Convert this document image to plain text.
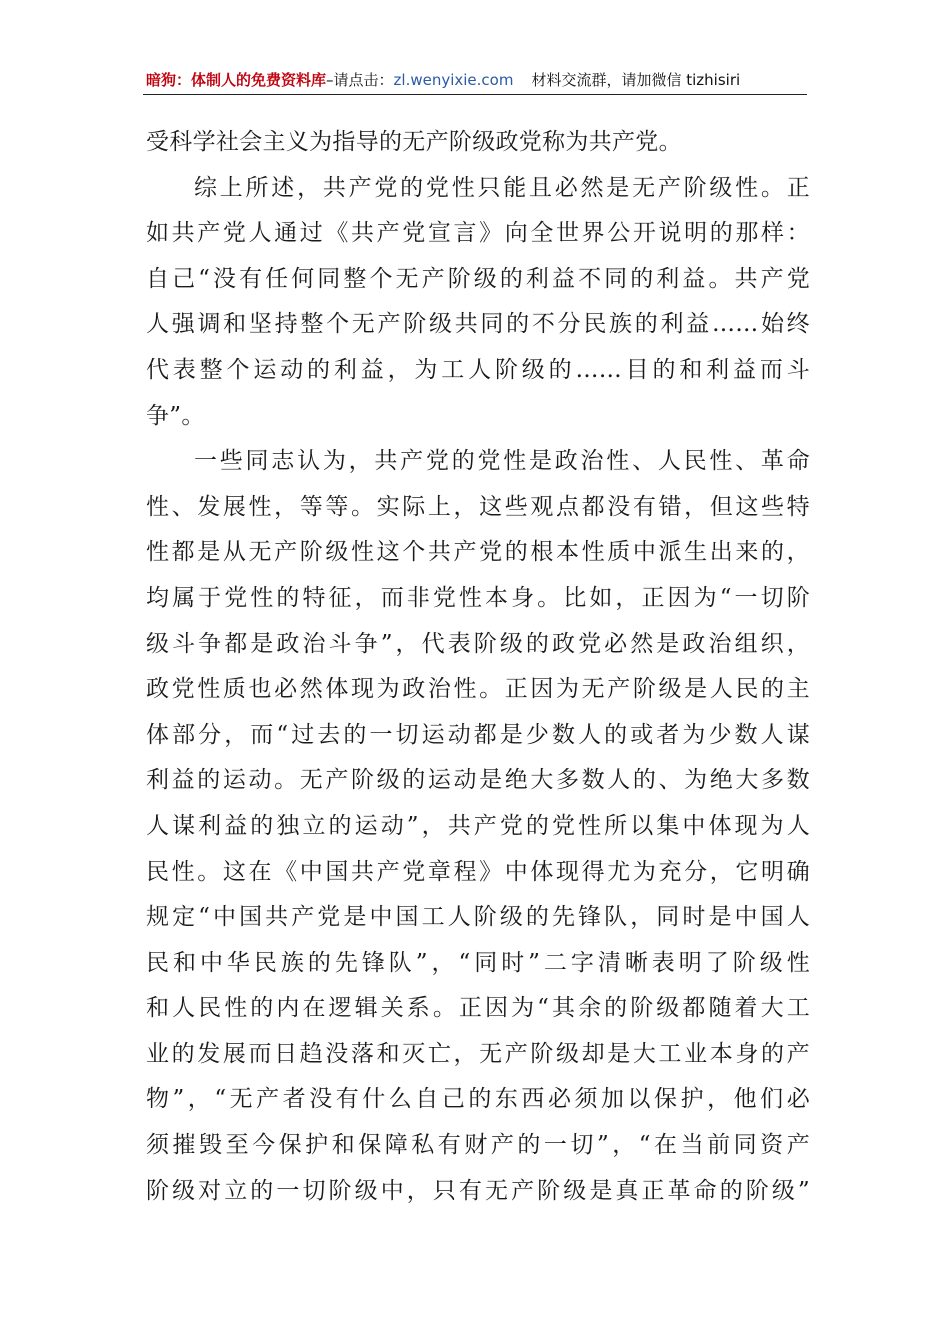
暗狗：体制人的免费资料库–请点击：zl.wenyixie.com 材料交流群，请加微信 tizhisiri
受科学社会主义为指导的无产阶级政党称为共产党。
综上所述，共产党的党性只能且必然是无产阶级性。正
如共产党人通过《共产党宣言》向全世界公开说明的那样：
自己“没有任何同整个无产阶级的利益不同的利益。共产党
人强调和坚持整个无产阶级共同的不分民族的利益……始终
代表整个运动的利益，为工人阶级的……目的和利益而斗
争”。
一些同志认为，共产党的党性是政治性、人民性、革命
性、发展性，等等。实际上，这些观点都没有错，但这些特
性都是从无产阶级性这个共产党的根本性质中派生出来的，
均属于党性的特征，而非党性本身。比如，正因为“一切阶
级斗争都是政治斗争”，代表阶级的政党必然是政治组织，
政党性质也必然体现为政治性。正因为无产阶级是人民的主
体部分，而“过去的一切运动都是少数人的或者为少数人谋
利益的运动。无产阶级的运动是绝大多数人的、为绝大多数
人谋利益的独立的运动”，共产党的党性所以集中体现为人
民性。这在《中国共产党章程》中体现得尤为充分，它明确
规定“中国共产党是中国工人阶级的先锋队，同时是中国人
民和中华民族的先锋队”，“同时”二字清晰表明了阶级性
和人民性的内在逻辑关系。正因为“其余的阶级都随着大工
业的发展而日趋没落和灭亡，无产阶级却是大工业本身的产
物”，“无产者没有什么自己的东西必须加以保护，他们必
须摧毁至今保护和保障私有财产的一切”，“在当前同资产
阶级对立的一切阶级中，只有无产阶级是真正革命的阶级”
